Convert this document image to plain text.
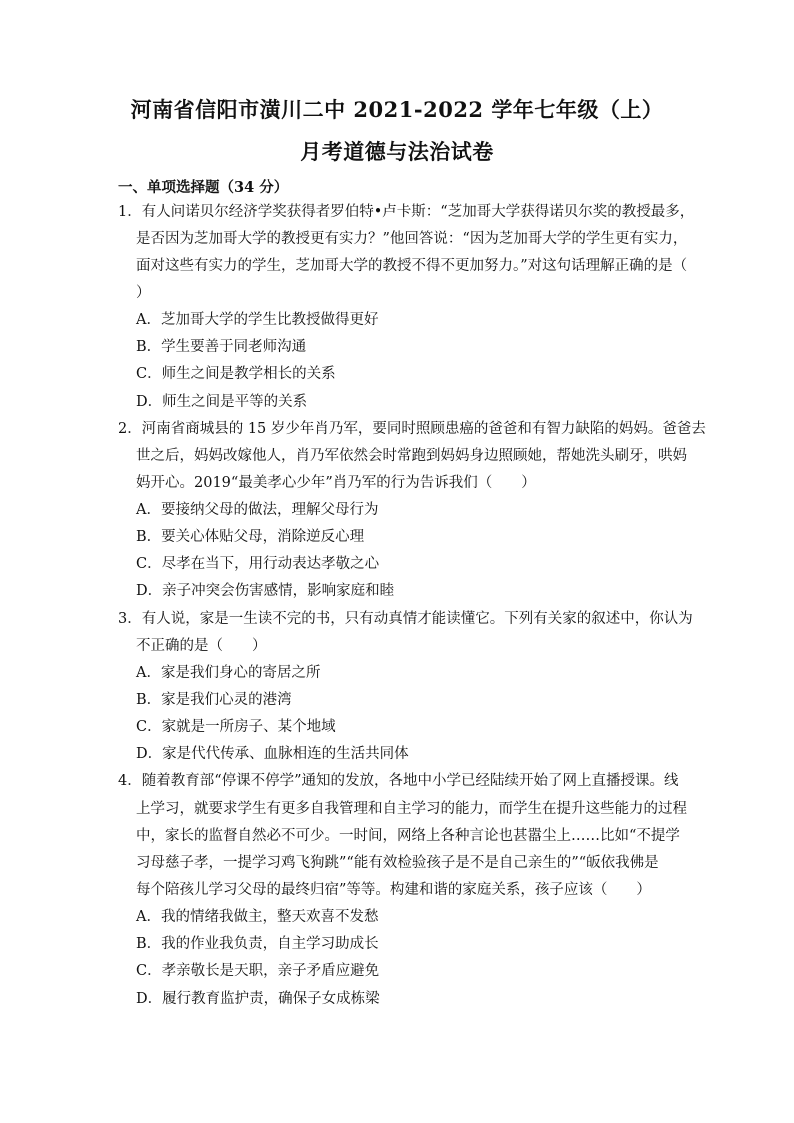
河南省信阳市潢川二中 2021-2022 学年七年级（上）
月考道德与法治试卷
一、单项选择题（34 分）
1．有人问诺贝尔经济学奖获得者罗伯特•卢卡斯：“芝加哥大学获得诺贝尔奖的教授最多，
是否因为芝加哥大学的教授更有实力？”他回答说：“因为芝加哥大学的学生更有实力，
面对这些有实力的学生，芝加哥大学的教授不得不更加努力。”对这句话理解正确的是（
）
A．芝加哥大学的学生比教授做得更好
B．学生要善于同老师沟通
C．师生之间是教学相长的关系
D．师生之间是平等的关系
2．河南省商城县的 15 岁少年肖乃军，要同时照顾患癌的爸爸和有智力缺陷的妈妈。爸爸去
世之后，妈妈改嫁他人，肖乃军依然会时常跑到妈妈身边照顾她，帮她洗头刷牙，哄妈
妈开心。2019“最美孝心少年”肖乃军的行为告诉我们（　　）
A．要接纳父母的做法，理解父母行为
B．要关心体贴父母，消除逆反心理
C．尽孝在当下，用行动表达孝敬之心
D．亲子冲突会伤害感情，影响家庭和睦
3．有人说，家是一生读不完的书，只有动真情才能读懂它。下列有关家的叙述中，你认为
不正确的是（　　）
A．家是我们身心的寄居之所
B．家是我们心灵的港湾
C．家就是一所房子、某个地域
D．家是代代传承、血脉相连的生活共同体
4．随着教育部“停课不停学”通知的发放，各地中小学已经陆续开始了网上直播授课。线
上学习，就要求学生有更多自我管理和自主学习的能力，而学生在提升这些能力的过程
中，家长的监督自然必不可少。一时间，网络上各种言论也甚嚣尘上……比如“不提学
习母慈子孝，一提学习鸡飞狗跳”“能有效检验孩子是不是自己亲生的”“皈依我佛是
每个陪孩儿学习父母的最终归宿”等等。构建和谐的家庭关系，孩子应该（　　）
A．我的情绪我做主，整天欢喜不发愁
B．我的作业我负责，自主学习助成长
C．孝亲敬长是天职，亲子矛盾应避免
D．履行教育监护责，确保子女成栋梁
